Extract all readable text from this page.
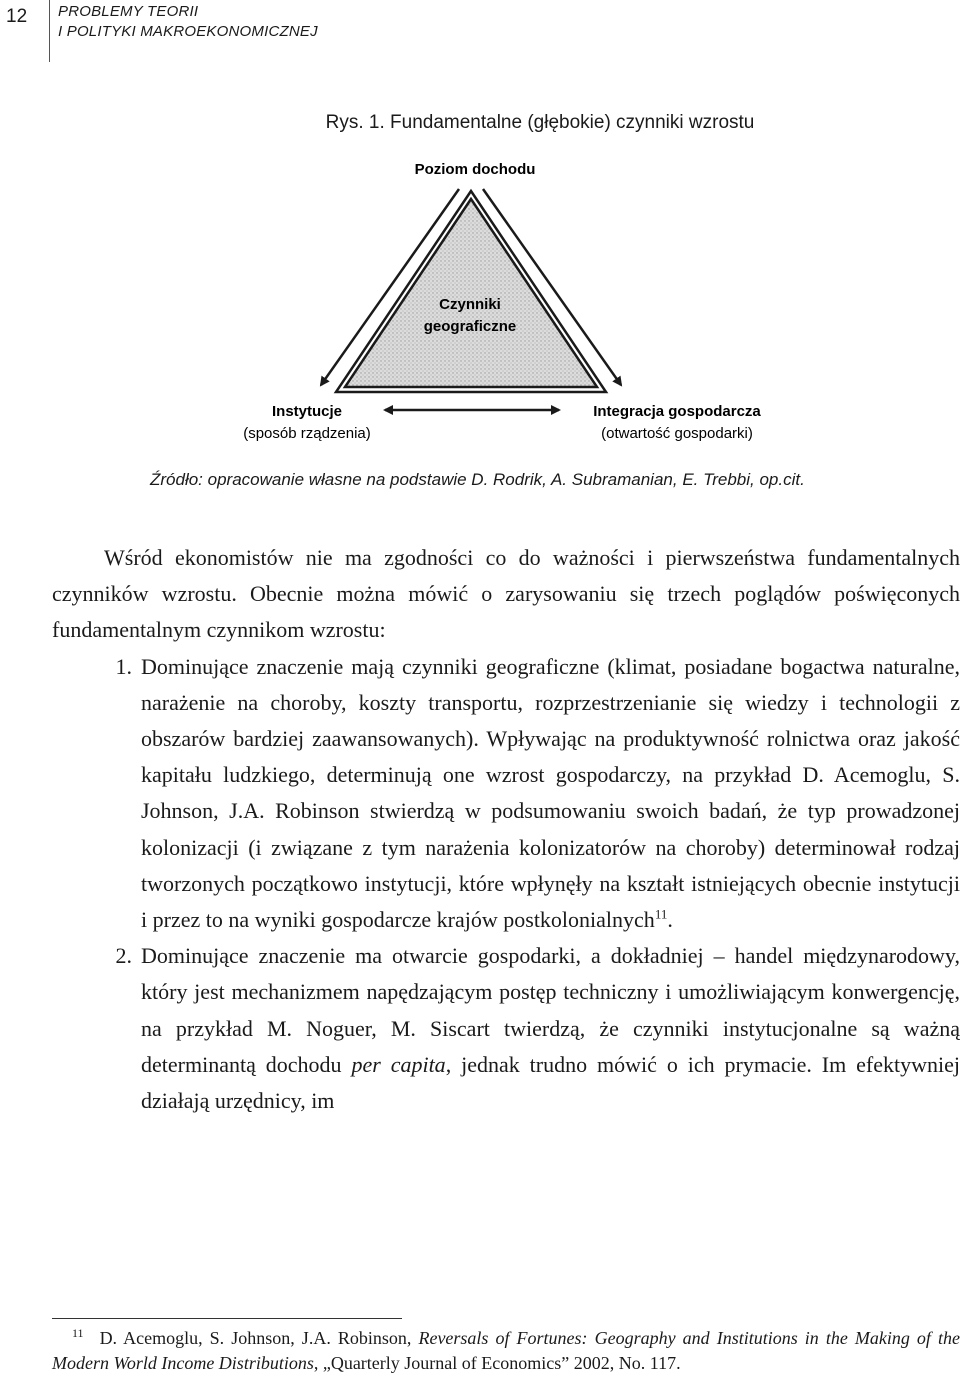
12 PROBLEMY TEORII
I POLITYKI MAKROEKONOMICZNEJ
Rys. 1. Fundamentalne (głębokie) czynniki wzrostu
Poziom dochodu
Czynniki
geograficzne
Instytucje
(sposób rządzenia)
Integracja gospodarcza
(otwartość gospodarki)
Źródło: opracowanie własne na podstawie D. Rodrik, A. Subramanian, E. Trebbi, op.cit.

Wśród ekonomistów nie ma zgodności co do ważności i pierwszeństwa fundamentalnych czynników wzrostu. Obecnie można mówić o zarysowaniu się trzech poglądów poświęconych fundamentalnym czynnikom wzrostu:

1. Dominujące znaczenie mają czynniki geograficzne (klimat, posiadane bogactwa naturalne, narażenie na choroby, koszty transportu, rozprzestrzenianie się wiedzy i technologii z obszarów bardziej zaawansowanych). Wpływając na produktywność rolnictwa oraz jakość kapitału ludzkiego, determinują one wzrost gospodarczy, na przykład D. Acemoglu, S. Johnson, J.A. Robinson stwierdzą w podsumowaniu swoich badań, że typ prowadzonej kolonizacji (i związane z tym narażenia kolonizatorów na choroby) determinował rodzaj tworzonych początkowo instytucji, które wpłynęły na kształt istniejących obecnie instytucji i przez to na wyniki gospodarcze krajów postkolonialnych$^{11}$.
2. Dominujące znaczenie ma otwarcie gospodarki, a dokładniej – handel międzynarodowy, który jest mechanizmem napędzającym postęp techniczny i umożliwiającym konwergencję, na przykład M. Noguer, M. Siscart twierdzą, że czynniki instytucjonalne są ważną determinantą dochodu per capita, jednak trudno mówić o ich prymacie. Im efektywniej działają urzędnicy, im
$^{11}$ D. Acemoglu, S. Johnson, J.A. Robinson, Reversals of Fortunes: Geography and Institutions in the Making of the Modern World Income Distributions, „Quarterly Journal of Economics” 2002, No. 117.
